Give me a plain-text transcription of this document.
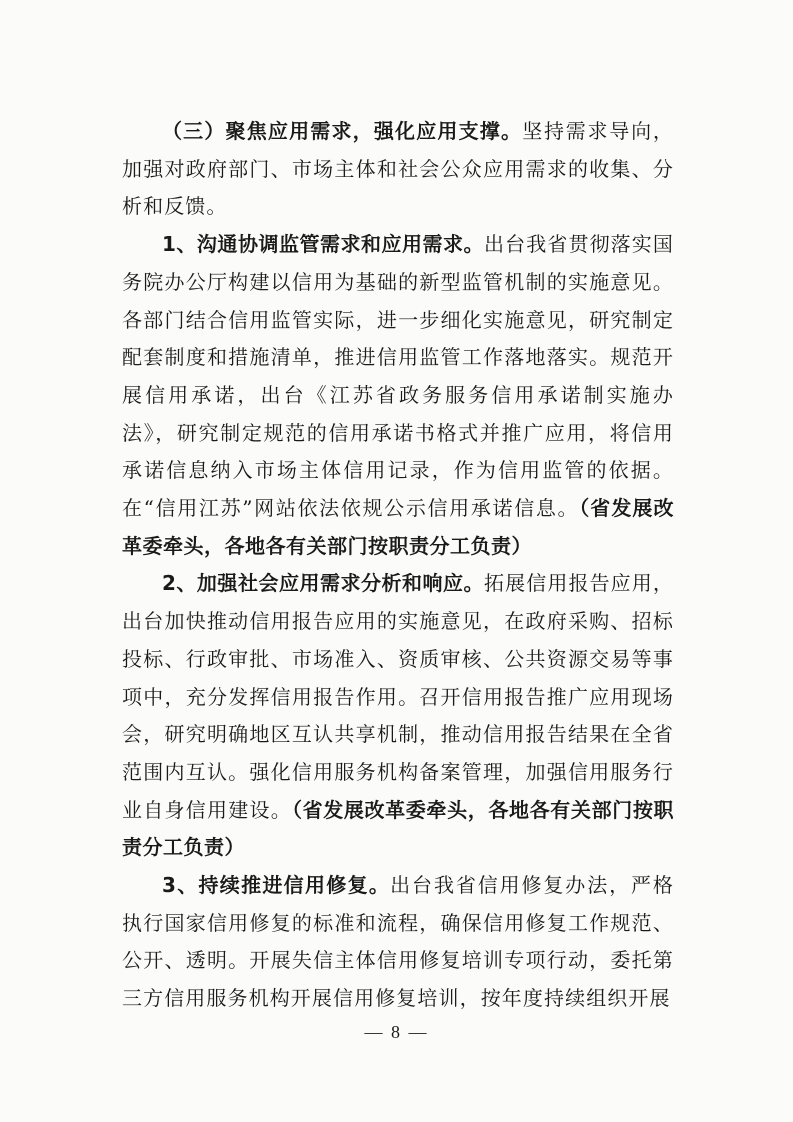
（三）聚焦应用需求，强化应用支撑。坚持需求导向，加强对政府部门、市场主体和社会公众应用需求的收集、分析和反馈。

1、沟通协调监管需求和应用需求。出台我省贯彻落实国务院办公厅构建以信用为基础的新型监管机制的实施意见。各部门结合信用监管实际，进一步细化实施意见，研究制定配套制度和措施清单，推进信用监管工作落地落实。规范开展信用承诺，出台《江苏省政务服务信用承诺制实施办法》，研究制定规范的信用承诺书格式并推广应用，将信用承诺信息纳入市场主体信用记录，作为信用监管的依据。在“信用江苏”网站依法依规公示信用承诺信息。（省发展改革委牵头，各地各有关部门按职责分工负责）

2、加强社会应用需求分析和响应。拓展信用报告应用，出台加快推动信用报告应用的实施意见，在政府采购、招标投标、行政审批、市场准入、资质审核、公共资源交易等事项中，充分发挥信用报告作用。召开信用报告推广应用现场会，研究明确地区互认共享机制，推动信用报告结果在全省范围内互认。强化信用服务机构备案管理，加强信用服务行业自身信用建设。（省发展改革委牵头，各地各有关部门按职责分工负责）

3、持续推进信用修复。出台我省信用修复办法，严格执行国家信用修复的标准和流程，确保信用修复工作规范、公开、透明。开展失信主体信用修复培训专项行动，委托第三方信用服务机构开展信用修复培训，按年度持续组织开展

— 8 —
